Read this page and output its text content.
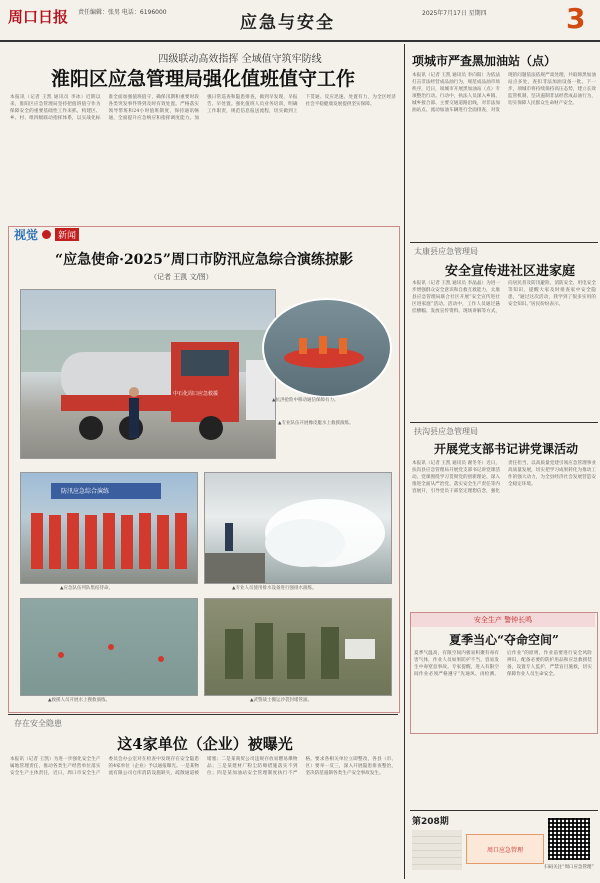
周口日报 责任编辑：张男 电话：6196000
应急与安全	2025年7月17日 星期四	3
四级联动高效指挥 全域值守筑牢防线
淮阳区应急管理局强化值班值守工作
本报讯（记者 王凯 通讯员 李冰）近期以来，淮阳区应急管理局坚持把值班值守作为保障安全的重要基础性工作来抓，构建区、乡、村、组四级联动指挥体系，以实战化标准全面加强值班值守，确保汛期和重要时段各类突发事件得到及时有效处置。严格落实领导带班和24小时值班制度，保持通讯畅通，全面提升应急响应和指挥调度能力。加强日常巡查和隐患排查，做到早发现、早报告、早处置。强化值班人员业务培训，明确工作职责，规范信息报送流程，切实做到上下贯通、反应迅速、处置有力，为全区经济社会平稳健康发展提供坚实保障。
视觉	新闻
“应急使命·2025”周口市防汛应急综合演练掠影
（记者 王凯 文/图）
中石化周口应急救援
▲抗洪抢险中移动通信保障有力。
▲专业队伍开展橡皮艇水上救援演练。
防汛应急综合演练
▲应急队伍列队集结待命。	▲专业人员使用排水设备进行强排水演练。
▲救援人员开展水上搜救演练。	▲武警战士搬运沙袋封堵管涌。
存在安全隐患
这4家单位（企业）被曝光
本报讯（记者 王凯）为进一步强化安全生产属地管理责任，推动各类生产经营单位落实安全生产主体责任，近日，周口市安全生产委员会办公室对在检查中发现存在安全隐患的4家单位（企业）予以通报曝光。一是某物流有限公司仓库消防设施缺失，疏散通道被堵塞；二是某商贸公司违规存放易燃易爆物品；三是某建材厂粉尘防爆措施落实不到位；四是某加油站安全管理制度执行不严格。要求各相关单位立即整改，各县（市、区）要举一反三，深入开展隐患排查整治，坚决防范遏制各类生产安全事故发生。
项城市严查黑加油站（点）
本报讯（记者 王凯 通讯员 李向阳）为依法打击非法经营成品油行为，规范成品油市场秩序，近日，项城市开展黑加油站（点）专项整治行动。行动中，执法人员深入乡镇、城乡接合部、主要交通道路沿线，对非法加油站点、流动加油车辆进行全面排查，对发现的问题依法依规严肃处理，共取缔黑加油站点多处，查扣非法加油设备一批。下一步，项城市将持续保持高压态势，建立长效监管机制，坚决遏制非法经营成品油行为，切实保障人民群众生命财产安全。
太康县应急管理局
安全宣传进社区进家庭
本报讯（记者 王凯 通讯员 李晶晶）为进一步增强群众安全意识和自救互救能力，太康县应急管理局联合社区开展“安全宣传进社区进家庭”活动。活动中，工作人员通过悬挂横幅、发放宣传资料、现场讲解等方式，向居民普及防汛避险、消防安全、用电安全等知识，提醒大家及时排查家中安全隐患，“通过这次活动，我学到了很多实用的安全知识。”居民纷纷表示。
扶沟县应急管理局
开展党支部书记讲党课活动
本报讯（记者 王凯 通讯员 谢冬冬）近日，扶沟县应急管理局开展党支部书记讲党课活动。党课围绕学习贯彻党的创新理论、深入推进全面从严治党、落实安全生产责任等内容展开，引导党员干部坚定理想信念，强化责任担当，以高质量党建引领应急管理事业高质量发展，切实把学习成果转化为推动工作的强大动力，为全县经济社会发展营造安全稳定环境。
安全生产 警钟长鸣
夏季当心“夺命空间”
夏季气温高，有限空间内极易积聚有毒有害气体，作业人员如果防护不当，容易发生中毒窒息事故。专家提醒，进入有限空间作业必须严格遵守“先通风、再检测、后作业”的原则，作业前要进行安全风险辨识，配备必要的防护用品和应急救援装备，设置专人监护，严禁盲目施救，切实保障作业人员生命安全。
第208期
周口应急管理
扫码关注“周口应急管理”
